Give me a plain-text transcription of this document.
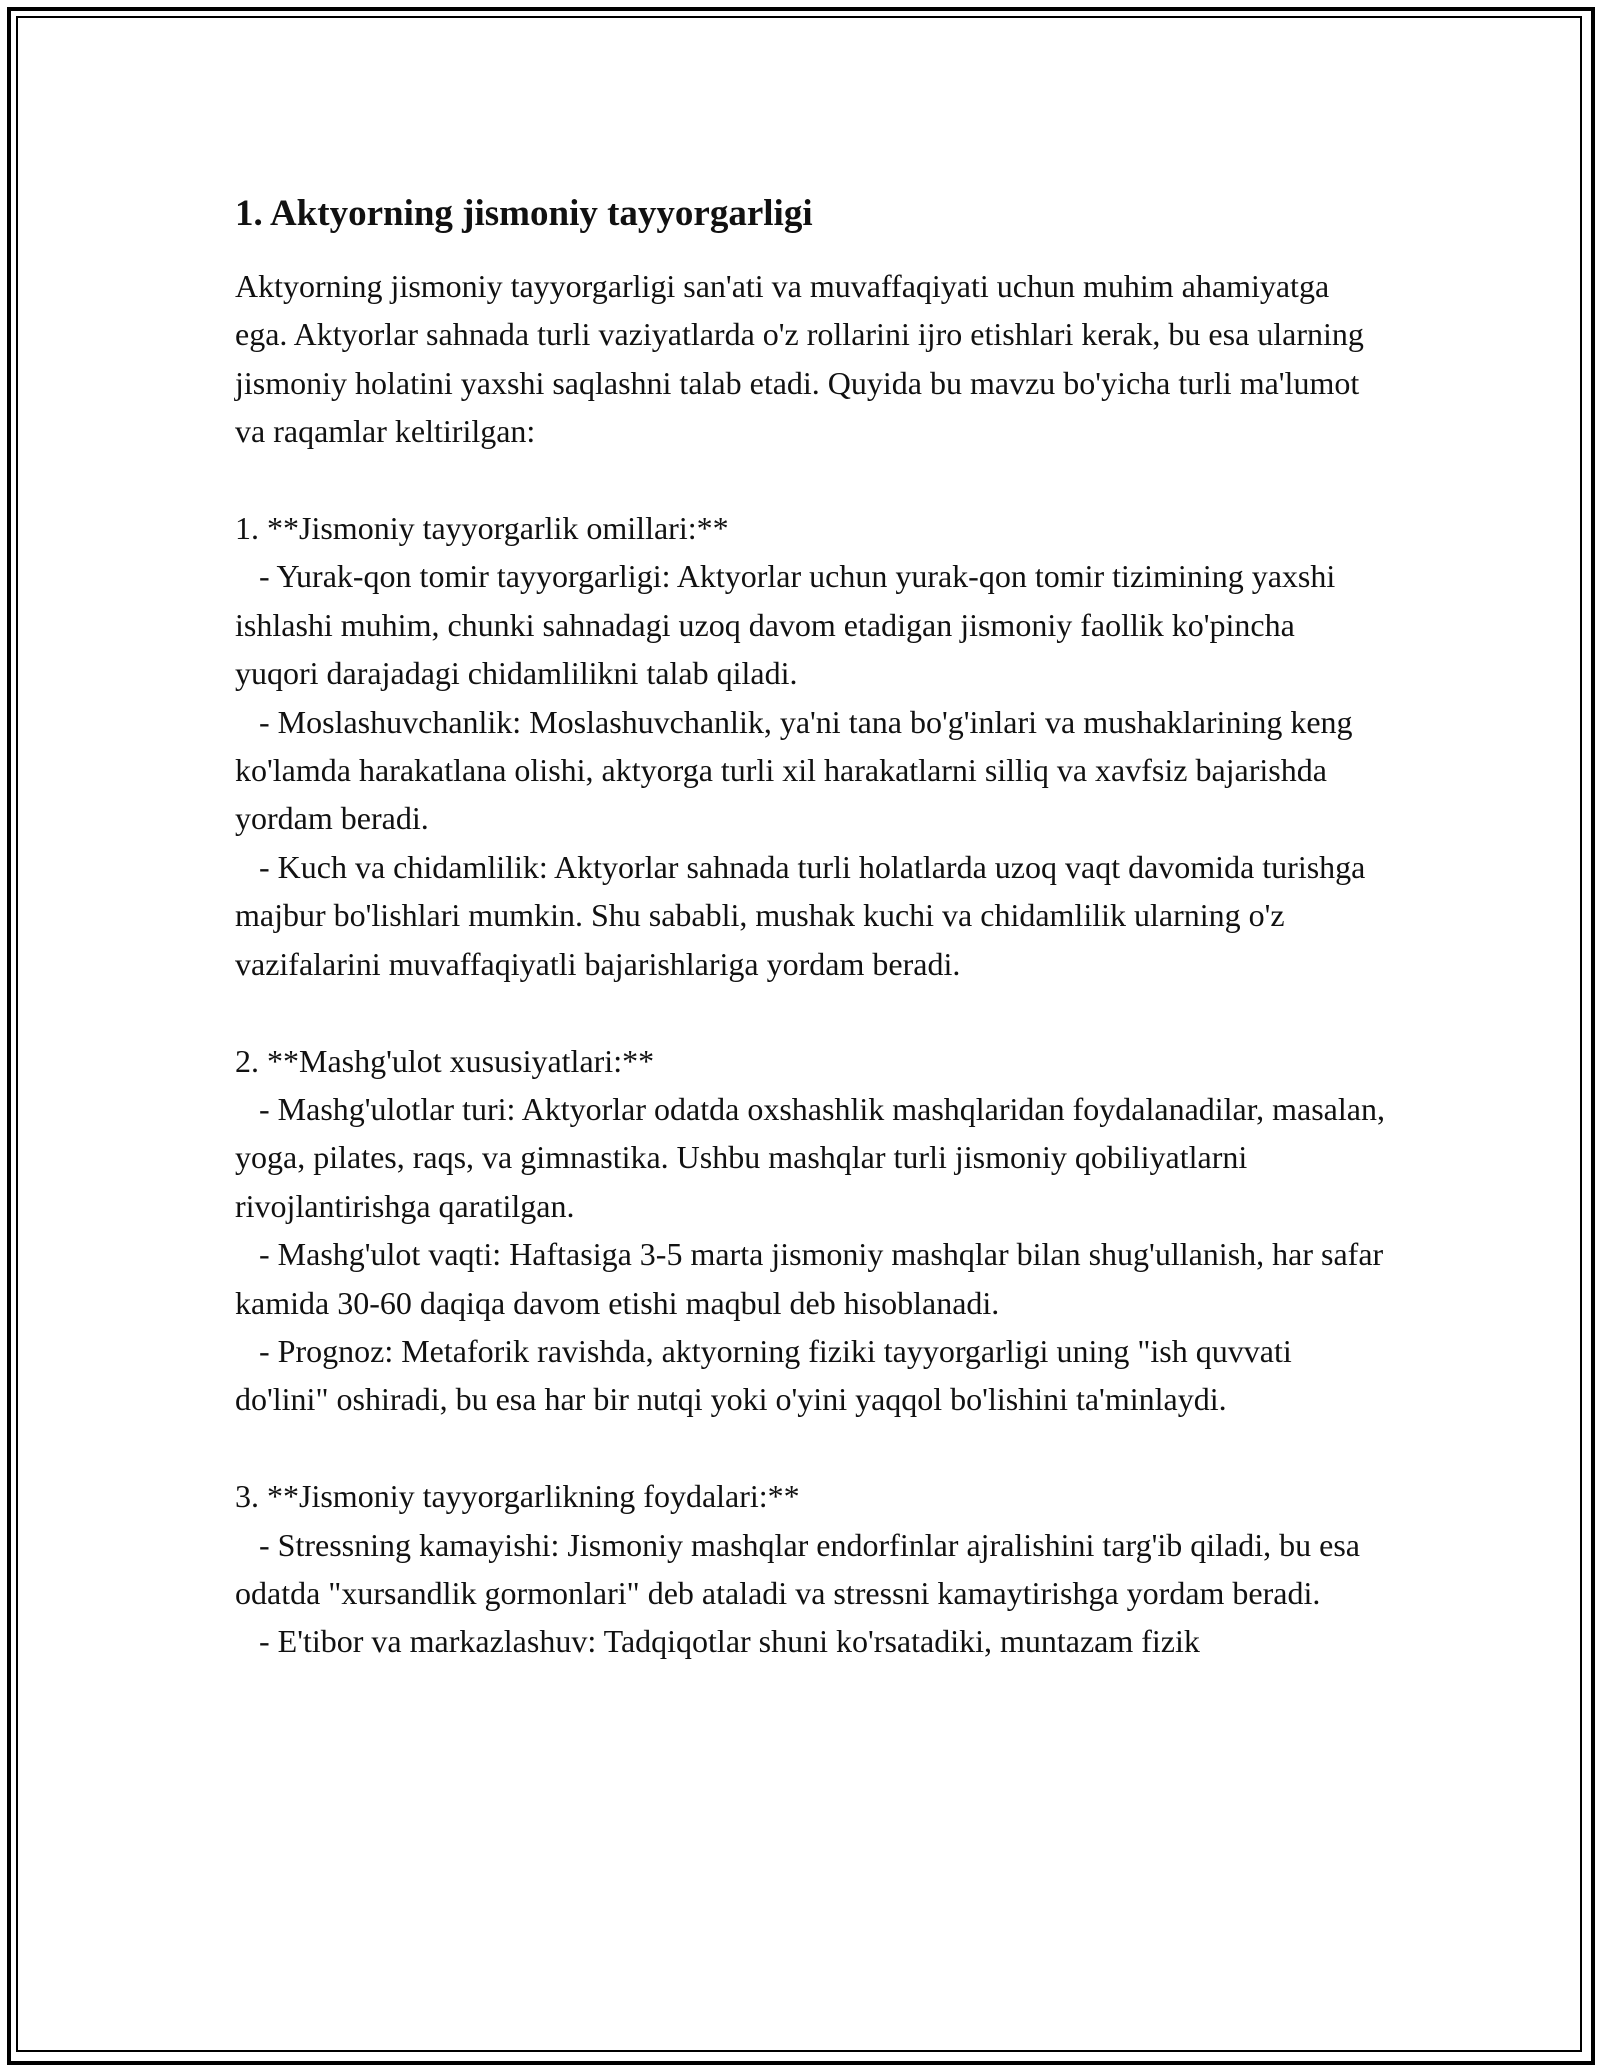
1. Aktyorning jismoniy tayyorgarligi

Aktyorning jismoniy tayyorgarligi san'ati va muvaffaqiyati uchun muhim ahamiyatga ega. Aktyorlar sahnada turli vaziyatlarda o'z rollarini ijro etishlari kerak, bu esa ularning jismoniy holatini yaxshi saqlashni talab etadi. Quyida bu mavzu bo'yicha turli ma'lumot va raqamlar keltirilgan:

1. **Jismoniy tayyorgarlik omillari:**
- Yurak-qon tomir tayyorgarligi: Aktyorlar uchun yurak-qon tomir tizimining yaxshi ishlashi muhim, chunki sahnadagi uzoq davom etadigan jismoniy faollik ko'pincha yuqori darajadagi chidamlilikni talab qiladi.
- Moslashuvchanlik: Moslashuvchanlik, ya'ni tana bo'g'inlari va mushaklarining keng ko'lamda harakatlana olishi, aktyorga turli xil harakatlarni silliq va xavfsiz bajarishda yordam beradi.
- Kuch va chidamlilik: Aktyorlar sahnada turli holatlarda uzoq vaqt davomida turishga majbur bo'lishlari mumkin. Shu sababli, mushak kuchi va chidamlilik ularning o'z vazifalarini muvaffaqiyatli bajarishlariga yordam beradi.

2. **Mashg'ulot xususiyatlari:**
- Mashg'ulotlar turi: Aktyorlar odatda oxshashlik mashqlaridan foydalanadilar, masalan, yoga, pilates, raqs, va gimnastika. Ushbu mashqlar turli jismoniy qobiliyatlarni rivojlantirishga qaratilgan.
- Mashg'ulot vaqti: Haftasiga 3-5 marta jismoniy mashqlar bilan shug'ullanish, har safar kamida 30-60 daqiqa davom etishi maqbul deb hisoblanadi.
- Prognoz: Metaforik ravishda, aktyorning fiziki tayyorgarligi uning "ish quvvati do'lini" oshiradi, bu esa har bir nutqi yoki o'yini yaqqol bo'lishini ta'minlaydi.

3. **Jismoniy tayyorgarlikning foydalari:**
- Stressning kamayishi: Jismoniy mashqlar endorfinlar ajralishini targ'ib qiladi, bu esa odatda "xursandlik gormonlari" deb ataladi va stressni kamaytirishga yordam beradi.
- E'tibor va markazlashuv: Tadqiqotlar shuni ko'rsatadiki, muntazam fizik
